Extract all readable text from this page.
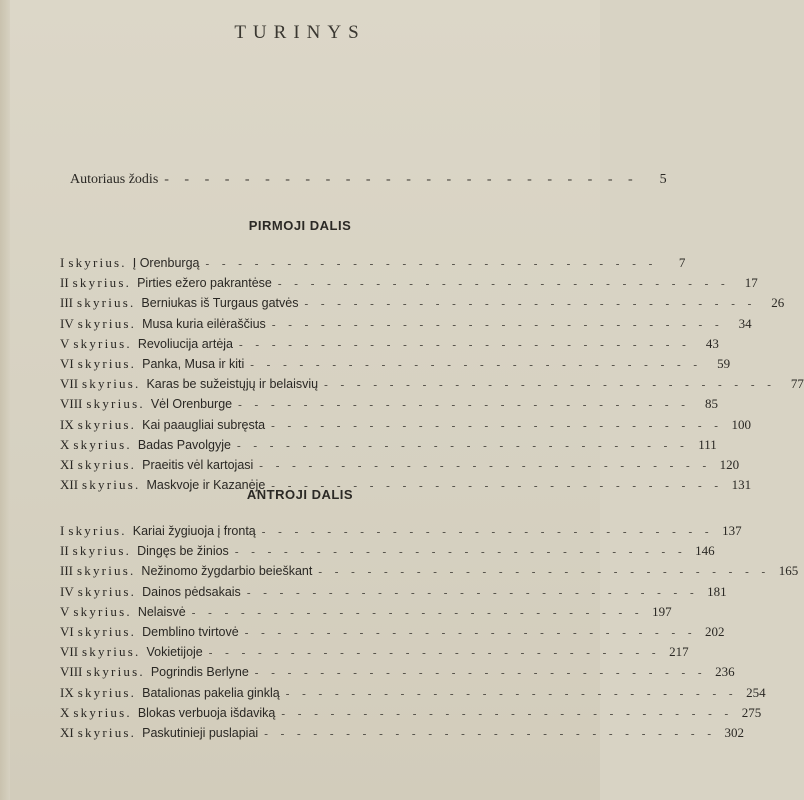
TURINYS
Autoriaus žodis - - - - - - - - - - - - - - - - - - - - - - - -	5
PIRMOJI DALIS
I skyrius. Į Orenburgą - - - - - - - - - - - - - - - - - - - - - - - - - - - -	7
II skyrius. Pirties ežero pakrantėse - - - - - - - - - - - - - - - - - - - - - - - - - - - -	17
III skyrius. Berniukas iš Turgaus gatvės - - - - - - - - - - - - - - - - - - - - - - - - - - - -	26
IV skyrius. Musa kuria eilėraščius - - - - - - - - - - - - - - - - - - - - - - - - - - - -	34
V skyrius. Revoliucija artėja - - - - - - - - - - - - - - - - - - - - - - - - - - - -	43
VI skyrius. Panka, Musa ir kiti - - - - - - - - - - - - - - - - - - - - - - - - - - - -	59
VII skyrius. Karas be sužeistųjų ir belaisvių - - - - - - - - - - - - - - - - - - - - - - - - - - - -	77
VIII skyrius. Vėl Orenburge - - - - - - - - - - - - - - - - - - - - - - - - - - - -	85
IX skyrius. Kai paaugliai subręsta - - - - - - - - - - - - - - - - - - - - - - - - - - - - 100
X skyrius. Badas Pavolgyje - - - - - - - - - - - - - - - - - - - - - - - - - - - - 111
XI skyrius. Praeitis vėl kartojasi - - - - - - - - - - - - - - - - - - - - - - - - - - - - 120
XII skyrius. Maskvoje ir Kazanėje - - - - - - - - - - - - - - - - - - - - - - - - - - - - 131
ANTROJI DALIS
I skyrius. Kariai žygiuoja į frontą - - - - - - - - - - - - - - - - - - - - - - - - - - - - 137
II skyrius. Dingęs be žinios - - - - - - - - - - - - - - - - - - - - - - - - - - - - 146
III skyrius. Nežinomo žygdarbio beieškant - - - - - - - - - - - - - - - - - - - - - - - - - - - - 165
IV skyrius. Dainos pėdsakais - - - - - - - - - - - - - - - - - - - - - - - - - - - - 181
V skyrius. Nelaisvė - - - - - - - - - - - - - - - - - - - - - - - - - - - - 197
VI skyrius. Demblino tvirtovė - - - - - - - - - - - - - - - - - - - - - - - - - - - - 202
VII skyrius. Vokietijoje - - - - - - - - - - - - - - - - - - - - - - - - - - - - 217
VIII skyrius. Pogrindis Berlyne - - - - - - - - - - - - - - - - - - - - - - - - - - - - 236
IX skyrius. Batalionas pakelia ginklą - - - - - - - - - - - - - - - - - - - - - - - - - - - - 254
X skyrius. Blokas verbuoja išdaviką - - - - - - - - - - - - - - - - - - - - - - - - - - - - 275
XI skyrius. Paskutinieji puslapiai - - - - - - - - - - - - - - - - - - - - - - - - - - - - 302
